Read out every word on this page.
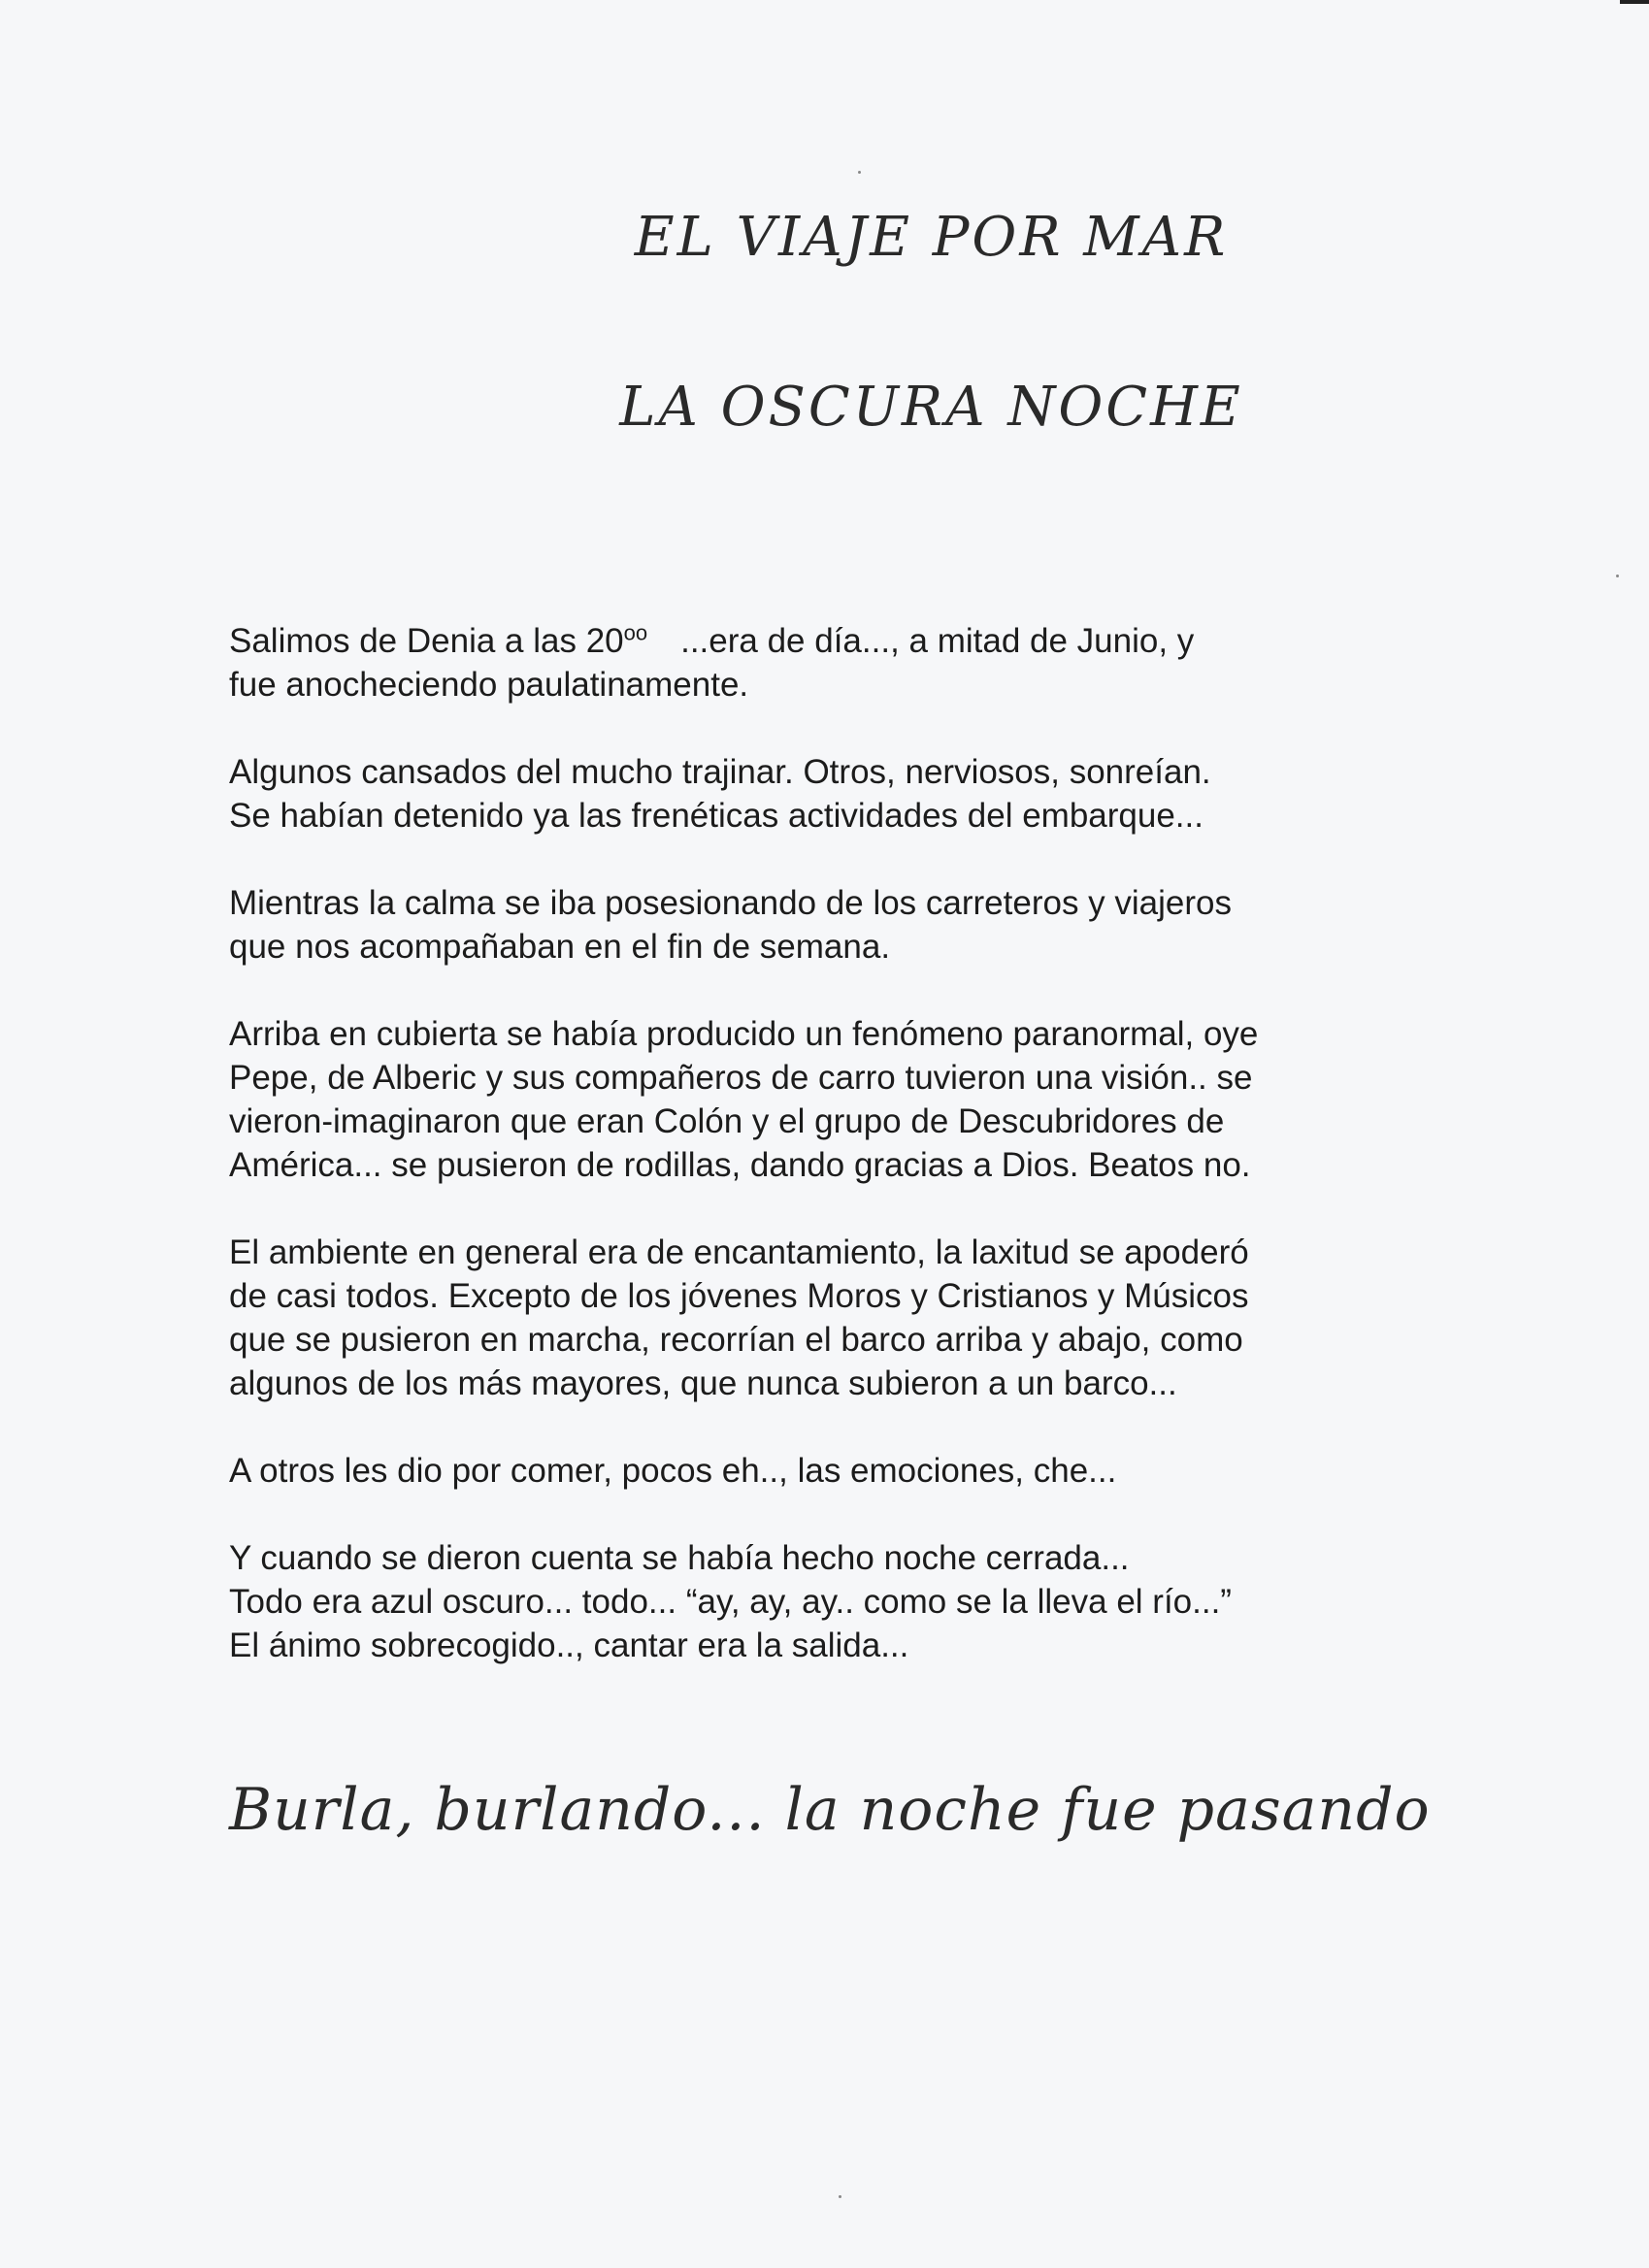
EL VIAJE POR MAR
LA OSCURA NOCHE

Salimos de Denia a las $20^{oo}$ ...era de día..., a mitad de Junio, y
fue anocheciendo paulatinamente.

Algunos cansados del mucho trajinar. Otros, nerviosos, sonreían.
Se habían detenido ya las frenéticas actividades del embarque...

Mientras la calma se iba posesionando de los carreteros y viajeros
que nos acompañaban en el fin de semana.

Arriba en cubierta se había producido un fenómeno paranormal, oye
Pepe, de Alberic y sus compañeros de carro tuvieron una visión.. se
vieron-imaginaron que eran Colón y el grupo de Descubridores de
América... se pusieron de rodillas, dando gracias a Dios. Beatos no.

El ambiente en general era de encantamiento, la laxitud se apoderó
de casi todos. Excepto de los jóvenes Moros y Cristianos y Músicos
que se pusieron en marcha, recorrían el barco arriba y abajo, como
algunos de los más mayores, que nunca subieron a un barco...

A otros les dio por comer, pocos eh.., las emociones, che...

Y cuando se dieron cuenta se había hecho noche cerrada...
Todo era azul oscuro... todo... “ay, ay, ay.. como se la lleva el río...”
El ánimo sobrecogido.., cantar era la salida...

Burla, burlando... la noche fue pasando
